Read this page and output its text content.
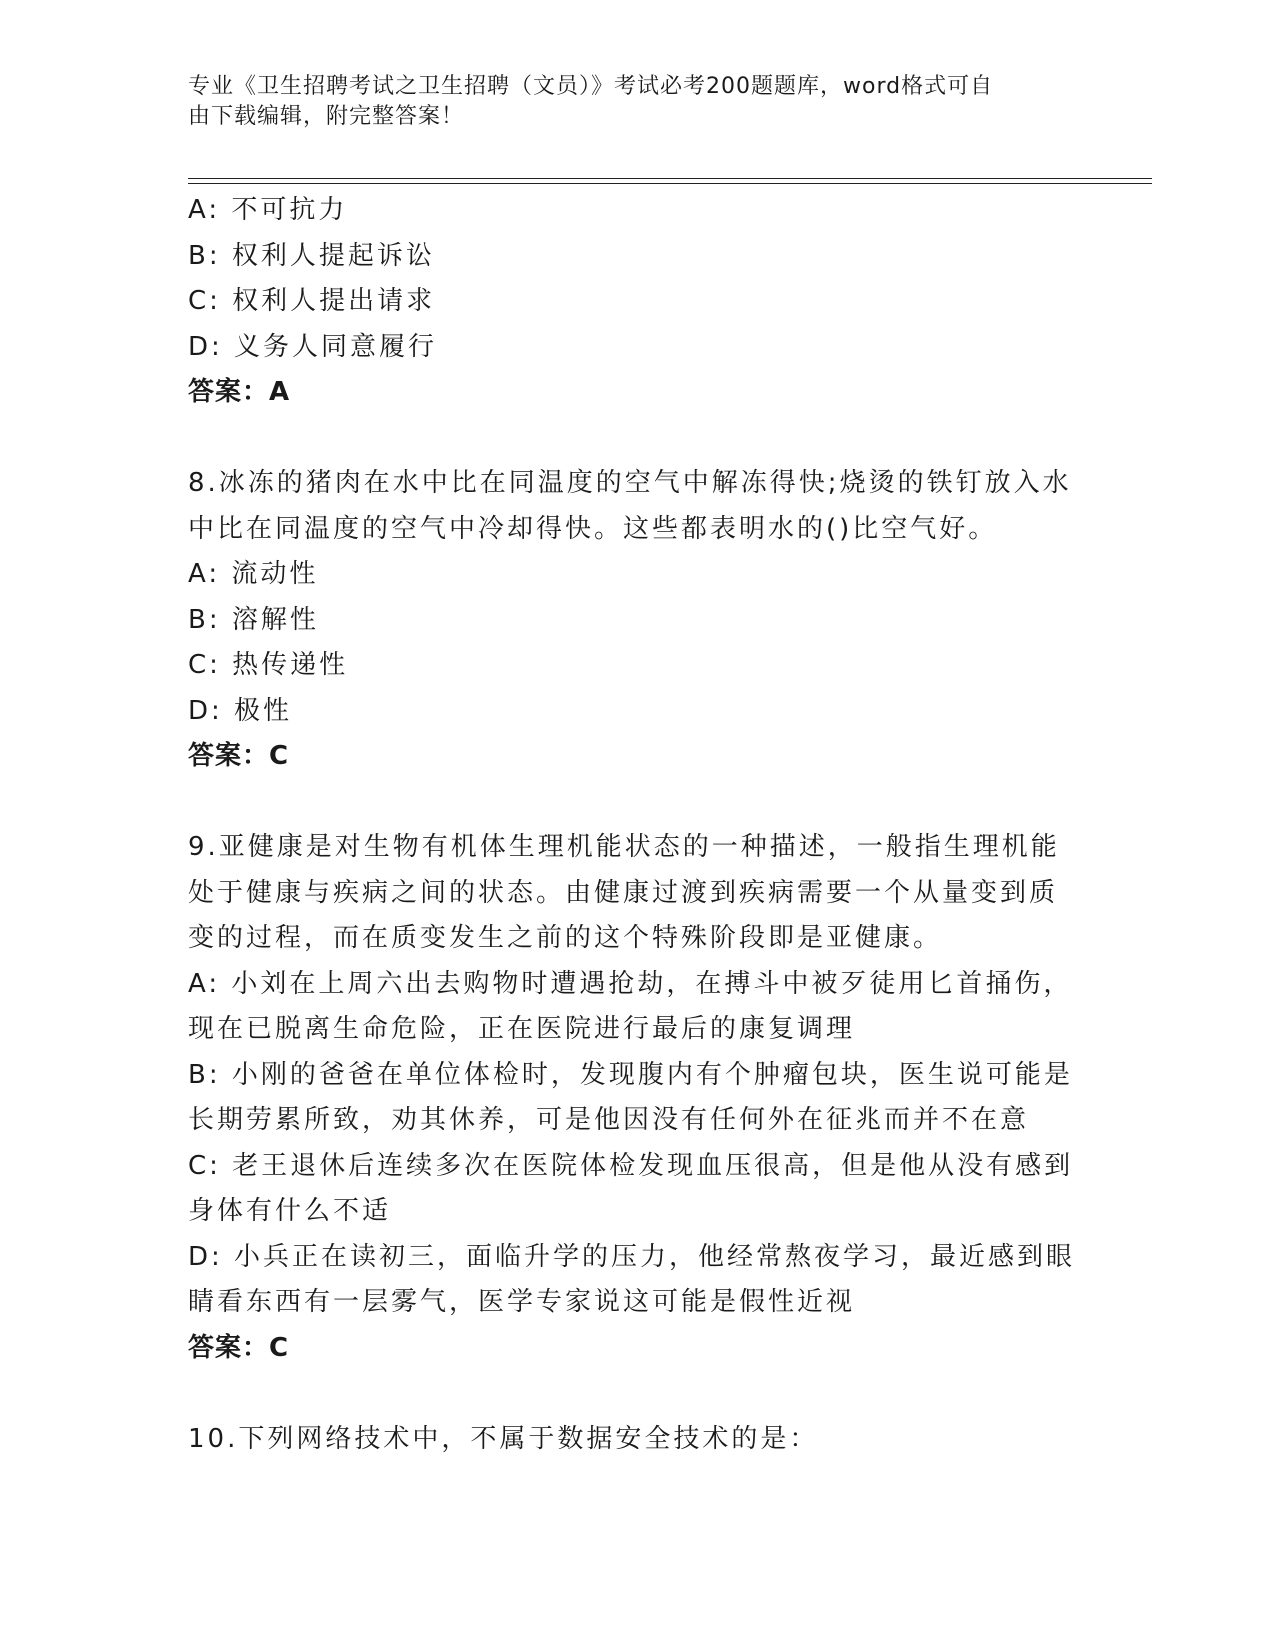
专业《卫生招聘考试之卫生招聘（文员）》考试必考200题题库，word格式可自
由下载编辑，附完整答案！
A: 不可抗力
B: 权利人提起诉讼
C: 权利人提出请求
D: 义务人同意履行
答案：A
8.冰冻的猪肉在水中比在同温度的空气中解冻得快;烧烫的铁钉放入水
中比在同温度的空气中冷却得快。这些都表明水的()比空气好。
A: 流动性
B: 溶解性
C: 热传递性
D: 极性
答案：C
9.亚健康是对生物有机体生理机能状态的一种描述，一般指生理机能
处于健康与疾病之间的状态。由健康过渡到疾病需要一个从量变到质
变的过程，而在质变发生之前的这个特殊阶段即是亚健康。
A: 小刘在上周六出去购物时遭遇抢劫，在搏斗中被歹徒用匕首捅伤，
现在已脱离生命危险，正在医院进行最后的康复调理
B: 小刚的爸爸在单位体检时，发现腹内有个肿瘤包块，医生说可能是
长期劳累所致，劝其休养，可是他因没有任何外在征兆而并不在意
C: 老王退休后连续多次在医院体检发现血压很高，但是他从没有感到
身体有什么不适
D: 小兵正在读初三，面临升学的压力，他经常熬夜学习，最近感到眼
睛看东西有一层雾气，医学专家说这可能是假性近视
答案：C
10.下列网络技术中，不属于数据安全技术的是：
